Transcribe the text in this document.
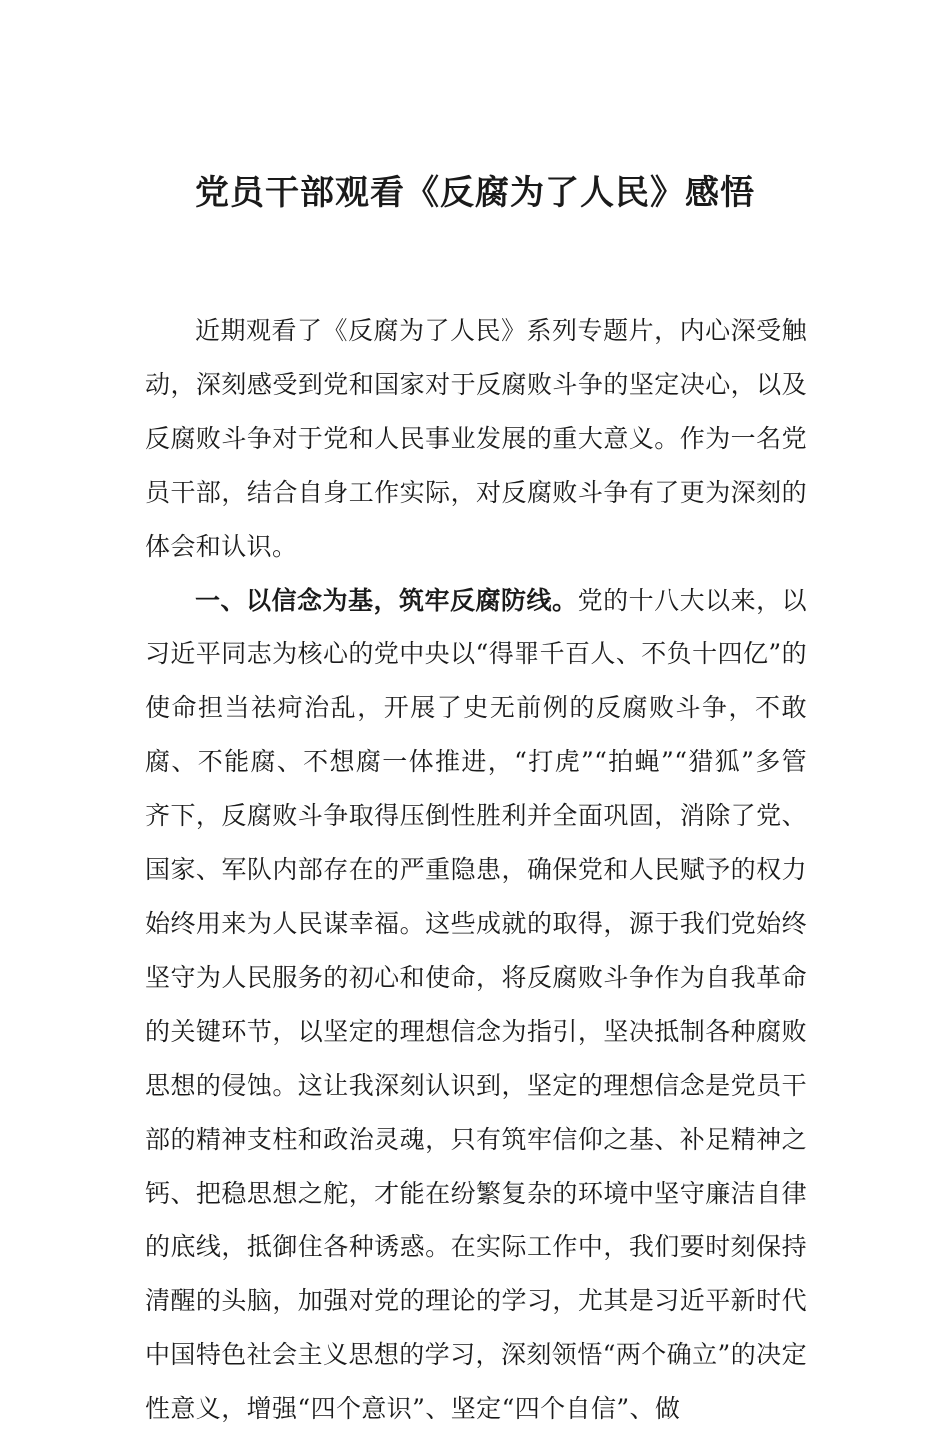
党员干部观看《反腐为了人民》感悟

近期观看了《反腐为了人民》系列专题片，内心深受触动，深刻感受到党和国家对于反腐败斗争的坚定决心，以及反腐败斗争对于党和人民事业发展的重大意义。作为一名党员干部，结合自身工作实际，对反腐败斗争有了更为深刻的体会和认识。

一、以信念为基，筑牢反腐防线。党的十八大以来，以习近平同志为核心的党中央以“得罪千百人、不负十四亿”的使命担当祛疴治乱，开展了史无前例的反腐败斗争，不敢腐、不能腐、不想腐一体推进，“打虎”“拍蝇”“猎狐”多管齐下，反腐败斗争取得压倒性胜利并全面巩固，消除了党、国家、军队内部存在的严重隐患，确保党和人民赋予的权力始终用来为人民谋幸福。这些成就的取得，源于我们党始终坚守为人民服务的初心和使命，将反腐败斗争作为自我革命的关键环节，以坚定的理想信念为指引，坚决抵制各种腐败思想的侵蚀。这让我深刻认识到，坚定的理想信念是党员干部的精神支柱和政治灵魂，只有筑牢信仰之基、补足精神之钙、把稳思想之舵，才能在纷繁复杂的环境中坚守廉洁自律的底线，抵御住各种诱惑。在实际工作中，我们要时刻保持清醒的头脑，加强对党的理论的学习，尤其是习近平新时代中国特色社会主义思想的学习，深刻领悟“两个确立”的决定性意义，增强“四个意识”、坚定“四个自信”、做
